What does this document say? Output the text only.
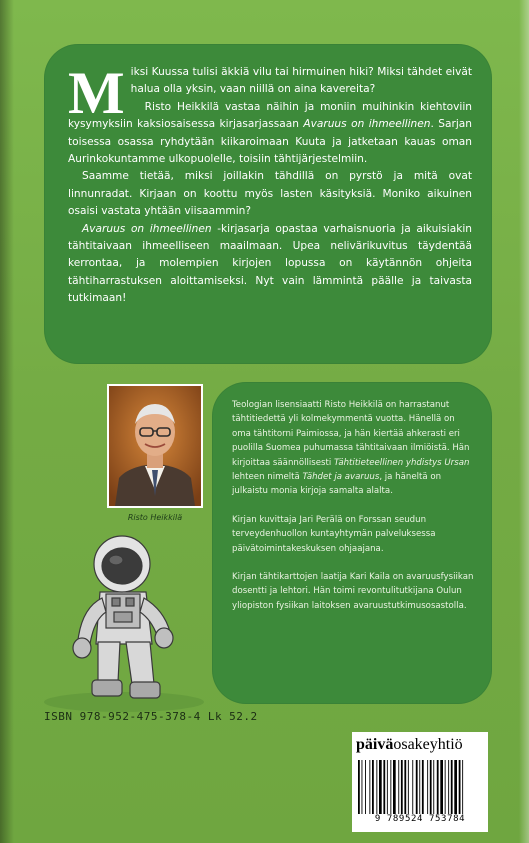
Miksi Kuussa tulisi äkkiä vilu tai hirmuinen hiki? Miksi tähdet eivät halua olla yksin, vaan niillä on aina kavereita?

Risto Heikkilä vastaa näihin ja moniin muihinkin kiehtoviin kysymyksiin kaksiosaisessa kirjasarjassaan Avaruus on ihmeellinen. Sarjan toisessa osassa ryhdytään kiikaroimaan Kuuta ja jatketaan kauas oman Aurinkokuntamme ulkopuolelle, toisiin tähtijärjestelmiin.

Saamme tietää, miksi joillakin tähdillä on pyrstö ja mitä ovat linnunradat. Kirjaan on koottu myös lasten käsityksiä. Moniko aikuinen osaisi vastata yhtään viisaammin?

Avaruus on ihmeellinen -kirjasarja opastaa varhaisnuoria ja aikuisiakin tähtitaivaan ihmeelliseen maailmaan. Upea nelivärikuvitus täydentää kerrontaa, ja molempien kirjojen lopussa on käytännön ohjeita tähtiharrastuksen aloittamiseksi. Nyt vain lämmintä päälle ja taivasta tutkimaan!

Risto Heikkilä

Teologian lisensiaatti Risto Heikkilä on harrastanut tähtitiedettä yli kolmekymmentä vuotta. Hänellä on oma tähtitorni Paimiossa, ja hän kiertää ahkerasti eri puolilla Suomea puhumassa tähtitaivaan ilmiöistä. Hän kirjoittaa säännöllisesti Tähtitieteellinen yhdistys Ursan lehteen nimeltä Tähdet ja avaruus, ja häneltä on julkaistu monia kirjoja samalta alalta.

Kirjan kuvittaja Jari Perälä on Forssan seudun terveydenhuollon kuntayhtymän palveluksessa päivätoimintakeskuksen ohjaajana.

Kirjan tähtikarttojen laatija Kari Kaila on avaruusfysiikan dosentti ja lehtori. Hän toimi revontulitutkijana Oulun yliopiston fysiikan laitoksen avaruustutkimusosastolla.

ISBN 978-952-475-378-4 Lk 52.2
päiväosakeyhtiö
9 789524 753784
